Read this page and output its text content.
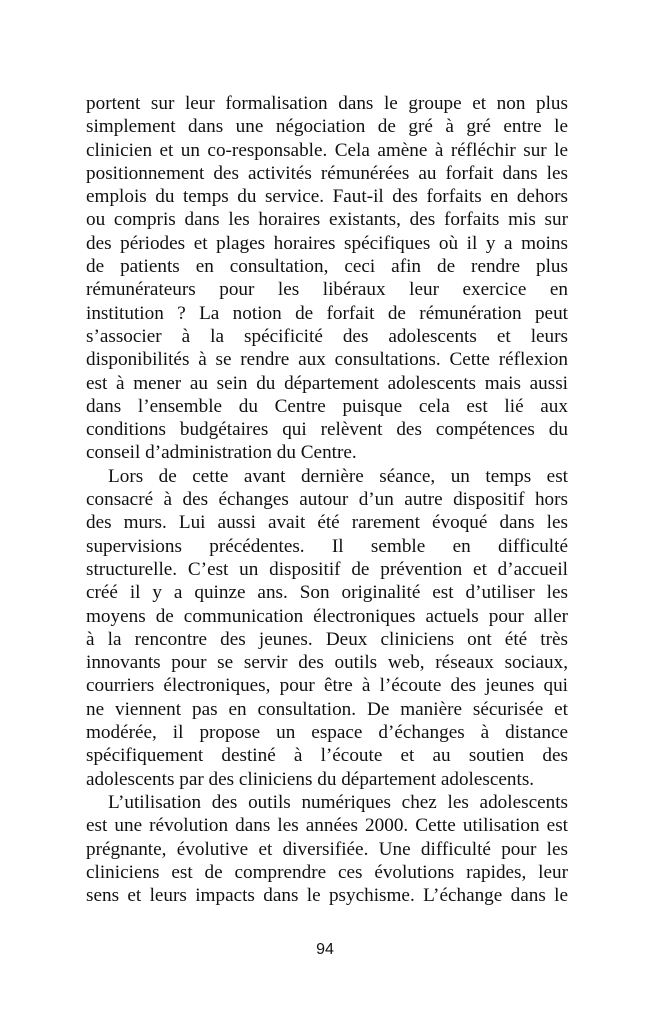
portent sur leur formalisation dans le groupe et non plus
simplement dans une négociation de gré à gré entre le
clinicien et un co-responsable. Cela amène à réfléchir sur le
positionnement des activités rémunérées au forfait dans les
emplois du temps du service. Faut-il des forfaits en dehors
ou compris dans les horaires existants, des forfaits mis sur
des périodes et plages horaires spécifiques où il y a moins
de patients en consultation, ceci afin de rendre plus
rémunérateurs pour les libéraux leur exercice en
institution ? La notion de forfait de rémunération peut
s’associer à la spécificité des adolescents et leurs
disponibilités à se rendre aux consultations. Cette réflexion
est à mener au sein du département adolescents mais aussi
dans l’ensemble du Centre puisque cela est lié aux
conditions budgétaires qui relèvent des compétences du
conseil d’administration du Centre.
Lors de cette avant dernière séance, un temps est
consacré à des échanges autour d’un autre dispositif hors
des murs. Lui aussi avait été rarement évoqué dans les
supervisions précédentes. Il semble en difficulté
structurelle. C’est un dispositif de prévention et d’accueil
créé il y a quinze ans. Son originalité est d’utiliser les
moyens de communication électroniques actuels pour aller
à la rencontre des jeunes. Deux cliniciens ont été très
innovants pour se servir des outils web, réseaux sociaux,
courriers électroniques, pour être à l’écoute des jeunes qui
ne viennent pas en consultation. De manière sécurisée et
modérée, il propose un espace d’échanges à distance
spécifiquement destiné à l’écoute et au soutien des
adolescents par des cliniciens du département adolescents.
L’utilisation des outils numériques chez les adolescents
est une révolution dans les années 2000. Cette utilisation est
prégnante, évolutive et diversifiée. Une difficulté pour les
cliniciens est de comprendre ces évolutions rapides, leur
sens et leurs impacts dans le psychisme. L’échange dans le
94
